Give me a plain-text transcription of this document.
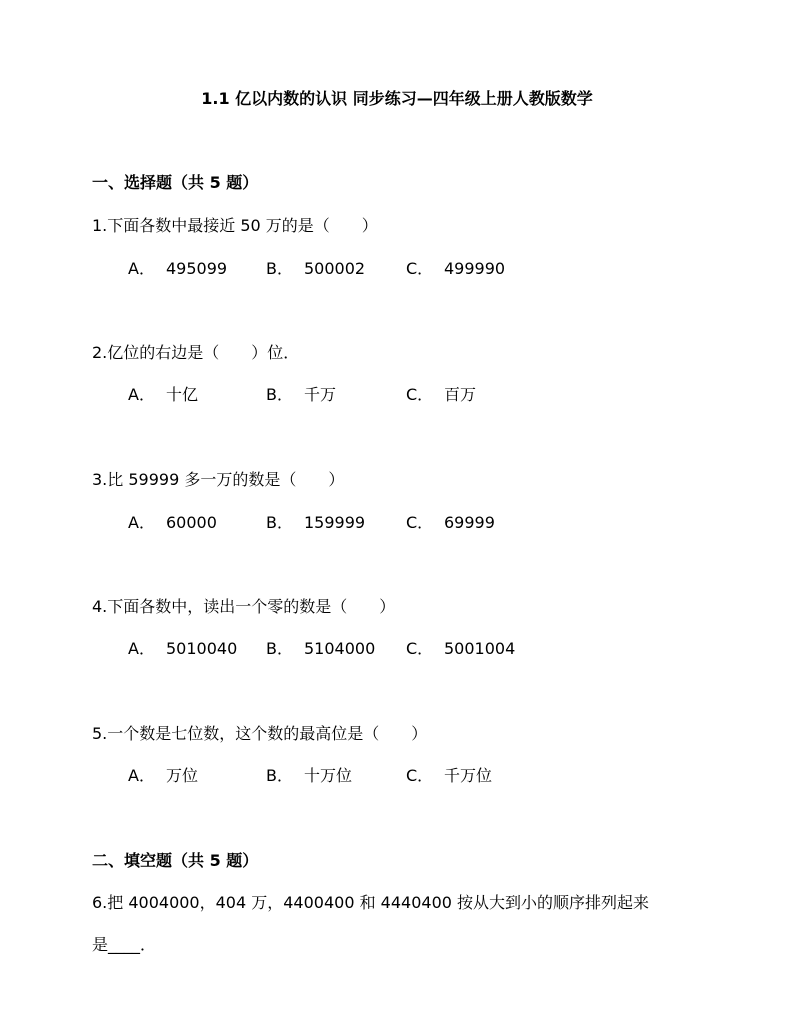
1.1 亿以内数的认识 同步练习—四年级上册人教版数学
一、选择题（共 5 题）
1.下面各数中最接近 50 万的是（　　）
A． 495099 B． 500002	C． 499990
2.亿位的右边是（　　）位．
A． 十亿	B． 千万	C． 百万
3.比 59999 多一万的数是（　　）
A． 60000	B． 159999	C． 69999
4.下面各数中，读出一个零的数是（　　）
A． 5010040 B． 5104000 C． 5001004
5.一个数是七位数，这个数的最高位是（　　）
A． 万位	B． 十万位	C． 千万位
二、填空题（共 5 题）
6.把 4004000，404 万，4400400 和 4440400 按从大到小的顺序排列起来
是____．
